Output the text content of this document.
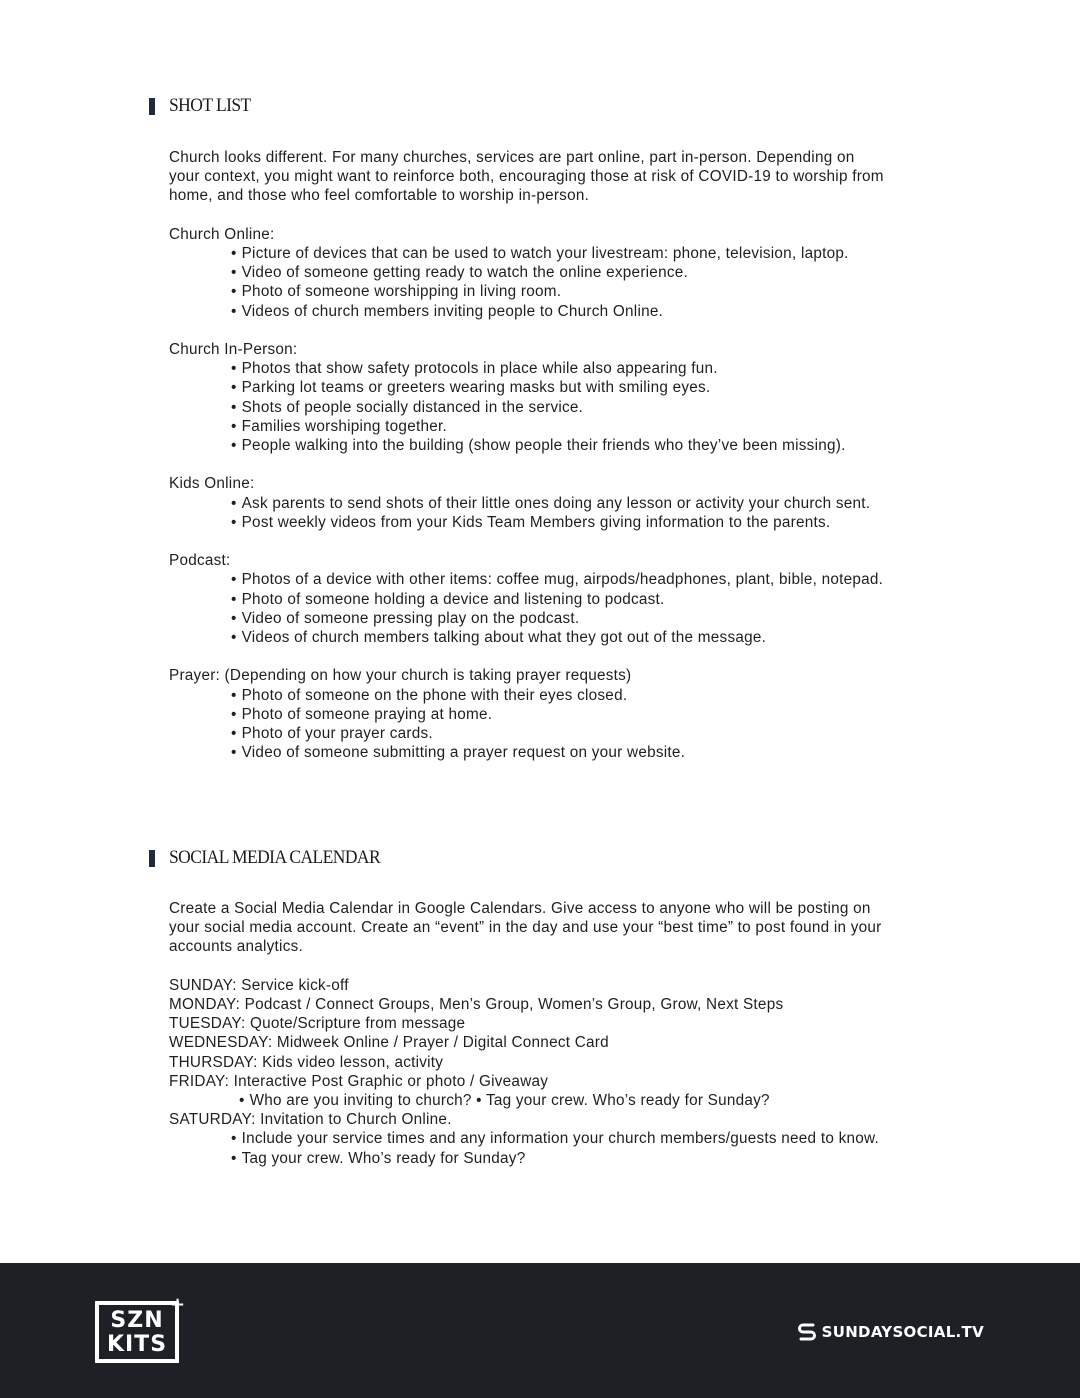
SHOT LIST

Church looks different. For many churches, services are part online, part in-person. Depending on

your context, you might want to reinforce both, encouraging those at risk of COVID-19 to worship from

home, and those who feel comfortable to worship in-person.

Church Online:

• Picture of devices that can be used to watch your livestream: phone, television, laptop.
• Video of someone getting ready to watch the online experience.
• Photo of someone worshipping in living room.
• Videos of church members inviting people to Church Online.

Church In-Person:

• Photos that show safety protocols in place while also appearing fun.
• Parking lot teams or greeters wearing masks but with smiling eyes.
• Shots of people socially distanced in the service.
• Families worshiping together.
• People walking into the building (show people their friends who they’ve been missing).

Kids Online:

• Ask parents to send shots of their little ones doing any lesson or activity your church sent.
• Post weekly videos from your Kids Team Members giving information to the parents.

Podcast:

• Photos of a device with other items: coffee mug, airpods/headphones, plant, bible, notepad.
• Photo of someone holding a device and listening to podcast.
• Video of someone pressing play on the podcast.
• Videos of church members talking about what they got out of the message.

Prayer: (Depending on how your church is taking prayer requests)

• Photo of someone on the phone with their eyes closed.
• Photo of someone praying at home.
• Photo of your prayer cards.
• Video of someone submitting a prayer request on your website.
SOCIAL MEDIA CALENDAR

Create a Social Media Calendar in Google Calendars. Give access to anyone who will be posting on

your social media account. Create an “event” in the day and use your “best time” to post found in your

accounts analytics.

SUNDAY: Service kick-off

MONDAY: Podcast / Connect Groups, Men’s Group, Women’s Group, Grow, Next Steps

TUESDAY: Quote/Scripture from message

WEDNESDAY: Midweek Online / Prayer / Digital Connect Card

THURSDAY: Kids video lesson, activity

FRIDAY: Interactive Post Graphic or photo / Giveaway

• Who are you inviting to church? • Tag your crew. Who’s ready for Sunday?

SATURDAY: Invitation to Church Online.

• Include your service times and any information your church members/guests need to know.
• Tag your crew. Who’s ready for Sunday?
SZN
KITS
+
SUNDAYSOCIAL.TV
